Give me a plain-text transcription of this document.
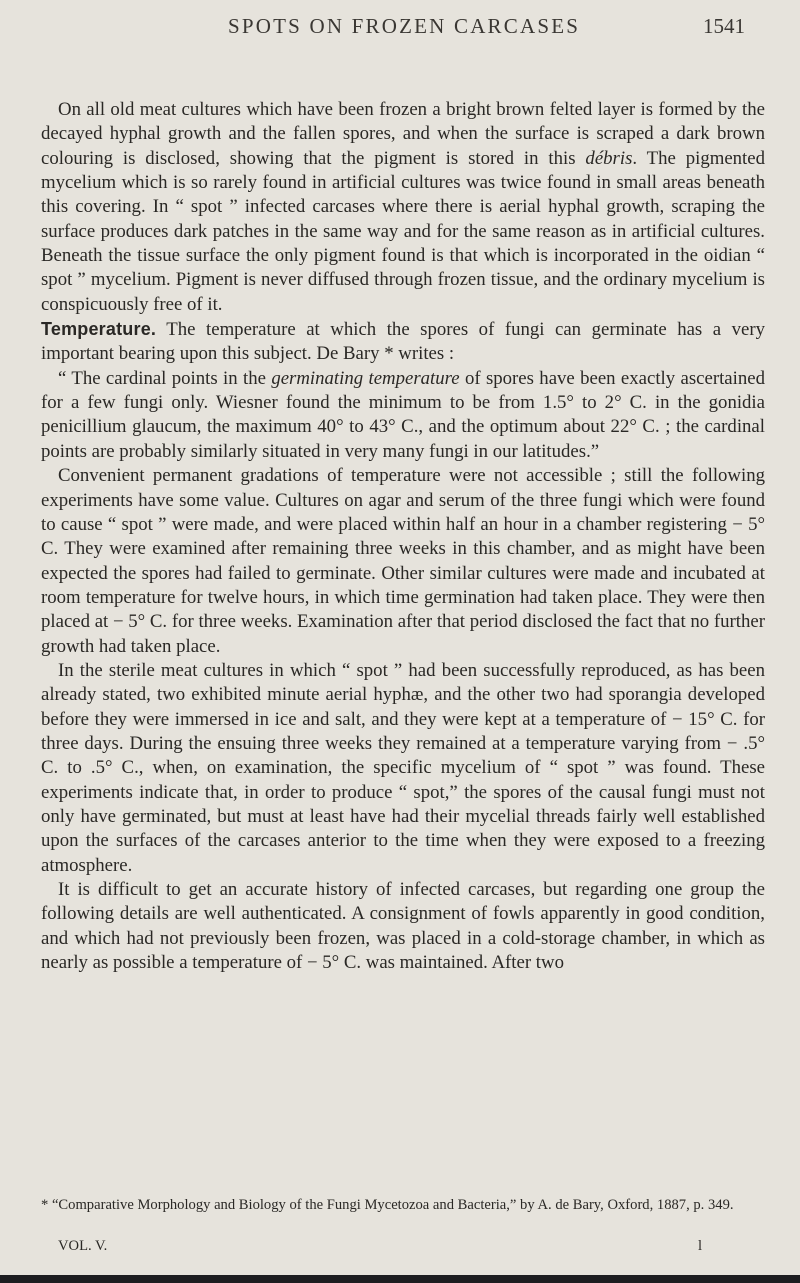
SPOTS ON FROZEN CARCASES	1541

On all old meat cultures which have been frozen a bright brown felted layer is formed by the decayed hyphal growth and the fallen spores, and when the surface is scraped a dark brown colouring is disclosed, showing that the pigment is stored in this débris. The pigmented mycelium which is so rarely found in artificial cultures was twice found in small areas beneath this covering. In “ spot ” infected carcases where there is aerial hyphal growth, scraping the surface produces dark patches in the same way and for the same reason as in artificial cultures. Beneath the tissue surface the only pigment found is that which is incorporated in the oidian “ spot ” mycelium. Pigment is never diffused through frozen tissue, and the ordinary mycelium is conspicuously free of it.

Temperature. The temperature at which the spores of fungi can germinate has a very important bearing upon this subject. De Bary * writes :

“ The cardinal points in the germinating temperature of spores have been exactly ascertained for a few fungi only. Wiesner found the minimum to be from 1.5° to 2° C. in the gonidia penicillium glaucum, the maximum 40° to 43° C., and the optimum about 22° C. ; the cardinal points are probably similarly situated in very many fungi in our latitudes.”

Convenient permanent gradations of temperature were not accessible ; still the following experiments have some value. Cultures on agar and serum of the three fungi which were found to cause “ spot ” were made, and were placed within half an hour in a chamber registering − 5° C. They were examined after remaining three weeks in this chamber, and as might have been expected the spores had failed to germinate. Other similar cultures were made and incubated at room temperature for twelve hours, in which time germination had taken place. They were then placed at − 5° C. for three weeks. Examination after that period disclosed the fact that no further growth had taken place.

In the sterile meat cultures in which “ spot ” had been successfully reproduced, as has been already stated, two exhibited minute aerial hyphæ, and the other two had sporangia developed before they were immersed in ice and salt, and they were kept at a temperature of − 15° C. for three days. During the ensuing three weeks they remained at a temperature varying from − .5° C. to .5° C., when, on examination, the specific mycelium of “ spot ” was found. These experiments indicate that, in order to produce “ spot,” the spores of the causal fungi must not only have germinated, but must at least have had their mycelial threads fairly well established upon the surfaces of the carcases anterior to the time when they were exposed to a freezing atmosphere.

It is difficult to get an accurate history of infected carcases, but regarding one group the following details are well authenticated. A consignment of fowls apparently in good condition, and which had not previously been frozen, was placed in a cold-storage chamber, in which as nearly as possible a temperature of − 5° C. was maintained. After two

* “Comparative Morphology and Biology of the Fungi Mycetozoa and Bacteria,” by A. de Bary, Oxford, 1887, p. 349.

VOL. V.	l
